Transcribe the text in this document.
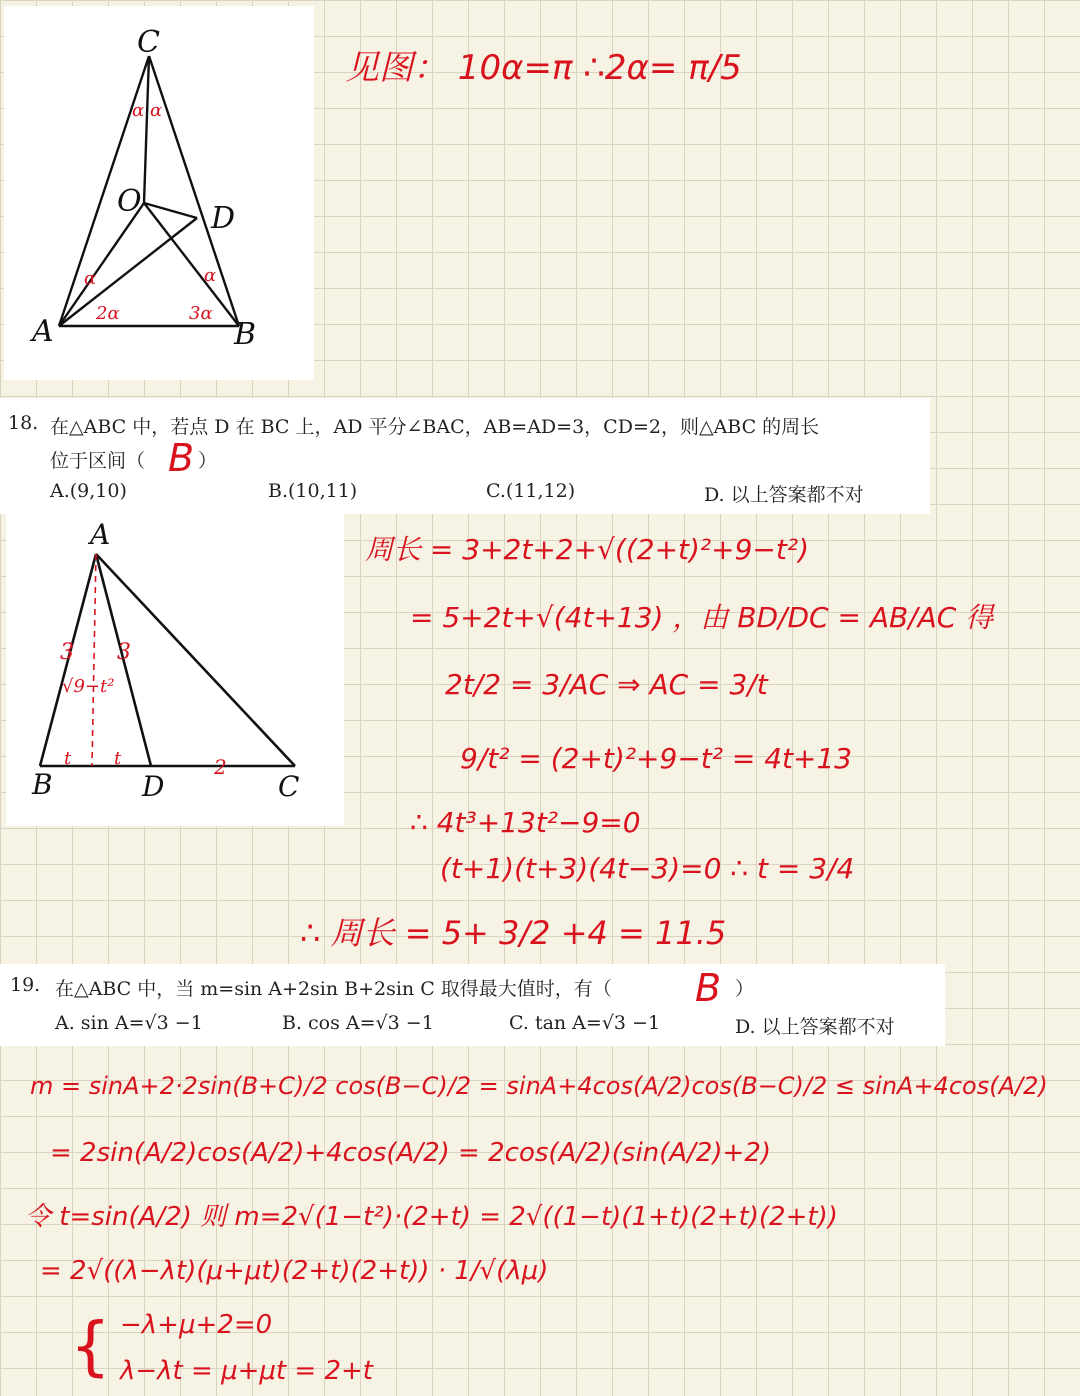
C
O D
A	B
α α
α
2α	3α
α
见图： 10α=π ∴2α= π/5
18. 在△ABC 中，若点 D 在 BC 上，AD 平分∠BAC，AB=AD=3，CD=2，则△ABC 的周长
位于区间（ B ）
A.(9,10)	B.(10,11)	C.(11,12)	D. 以上答案都不对
A
B	D	C
3 3
√9−t²
t t	2
周长 = 3+2t+2+√((2+t)²+9−t²)
= 5+2t+√(4t+13) ，由 BD/DC = AB/AC 得
2t/2 = 3/AC ⇒ AC = 3/t
9/t² = (2+t)²+9−t² = 4t+13
∴ 4t³+13t²−9=0
(t+1)(t+3)(4t−3)=0 ∴ t = 3/4
∴ 周长 = 5+ 3/2 +4 = 11.5
19. 在△ABC 中，当 m=sin A+2sin B+2sin C 取得最大值时，有（ B ）
A. sin A=√3 −1	B. cos A=√3 −1	C. tan A=√3 −1	D. 以上答案都不对
m = sinA+2·2sin(B+C)/2 cos(B−C)/2 = sinA+4cos(A/2)cos(B−C)/2 ≤ sinA+4cos(A/2)
= 2sin(A/2)cos(A/2)+4cos(A/2) = 2cos(A/2)(sin(A/2)+2)
令 t=sin(A/2) 则 m=2√(1−t²)·(2+t) = 2√((1−t)(1+t)(2+t)(2+t))
= 2√((λ−λt)(μ+μt)(2+t)(2+t)) · 1/√(λμ)
{ −λ+μ+2=0
λ−λt = μ+μt = 2+t
